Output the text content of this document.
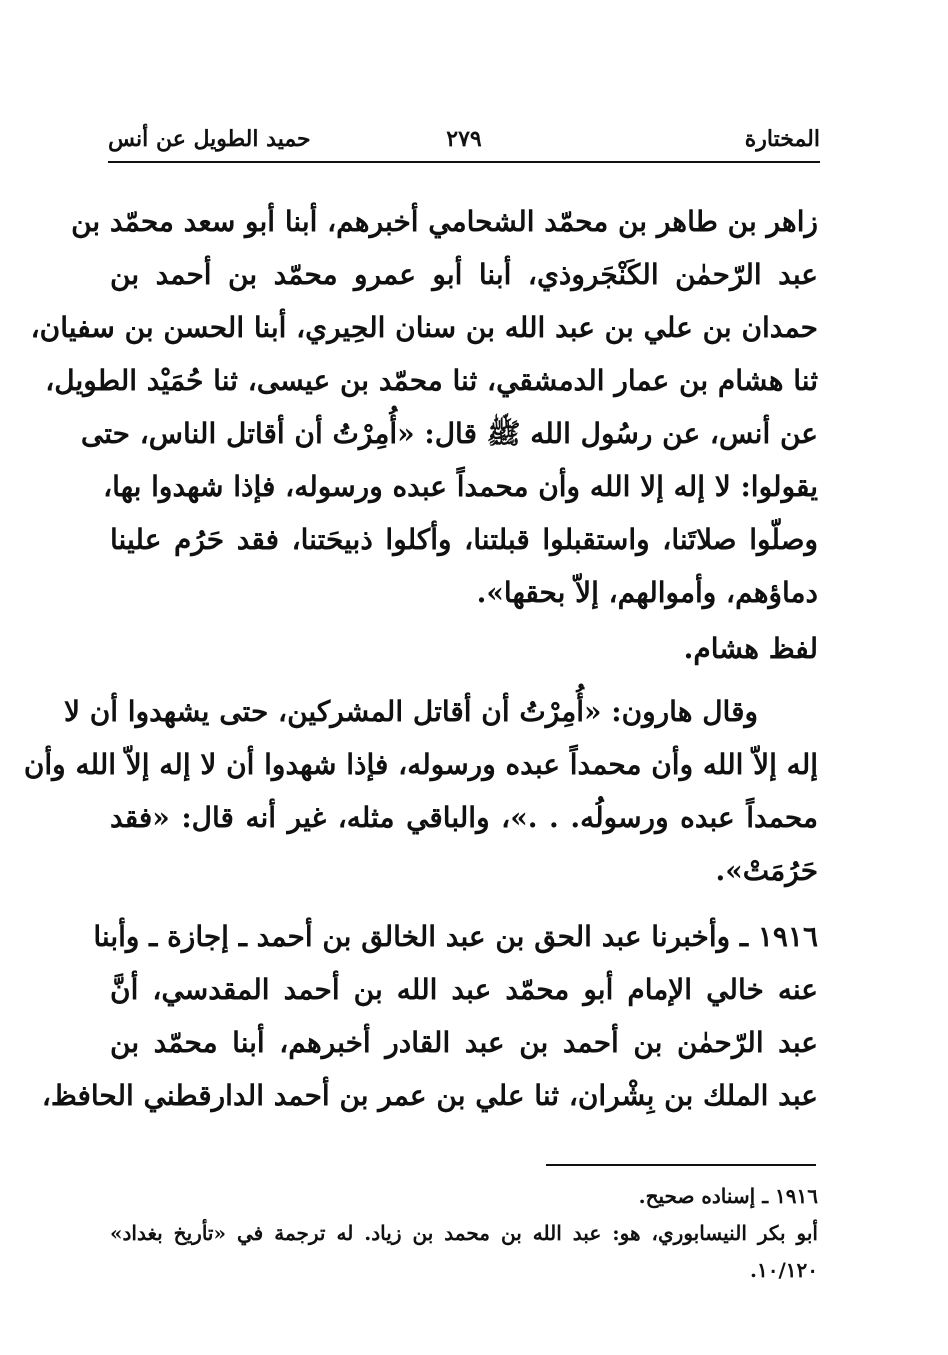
المختارة
٢٧٩
حميد الطويل عن أنس
زاهر بن طاهر بن محمّد الشحامي أخبرهم، أبنا أبو سعد محمّد بن
عبد الرّحمٰن الكَنْجَروذي، أبنا أبو عمرو محمّد بن أحمد بن
حمدان بن علي بن عبد الله بن سنان الحِيري، أبنا الحسن بن سفيان،
ثنا هشام بن عمار الدمشقي، ثنا محمّد بن عيسى، ثنا حُمَيْد الطويل،
عن أنس، عن رسُول الله ﷺ قال: «أُمِرْتُ أن أقاتل الناس، حتى
يقولوا: لا إله إلا الله وأن محمداً عبده ورسوله، فإذا شهدوا بها،
وصلّوا صلاتَنا، واستقبلوا قبلتنا، وأكلوا ذبيحَتنا، فقد حَرُم علينا
دماؤهم، وأموالهم، إلاّ بحقها».
لفظ هشام.
وقال هارون: «أُمِرْتُ أن أقاتل المشركين، حتى يشهدوا أن لا
إله إلاّ الله وأن محمداً عبده ورسوله، فإذا شهدوا أن لا إله إلاّ الله وأن
محمداً عبده ورسولُه. . .»، والباقي مثله، غير أنه قال: «فقد
حَرُمَتْ».
١٩١٦ ـ وأخبرنا عبد الحق بن عبد الخالق بن أحمد ـ إجازة ـ وأبنا
عنه خالي الإمام أبو محمّد عبد الله بن أحمد المقدسي، أنَّ
عبد الرّحمٰن بن أحمد بن عبد القادر أخبرهم، أبنا محمّد بن
عبد الملك بن بِشْران، ثنا علي بن عمر بن أحمد الدارقطني الحافظ،
١٩١٦ ـ إسناده صحيح.
أبو بكر النيسابوري، هو: عبد الله بن محمد بن زياد. له ترجمة في «تأريخ بغداد»
١٠/١٢٠.
